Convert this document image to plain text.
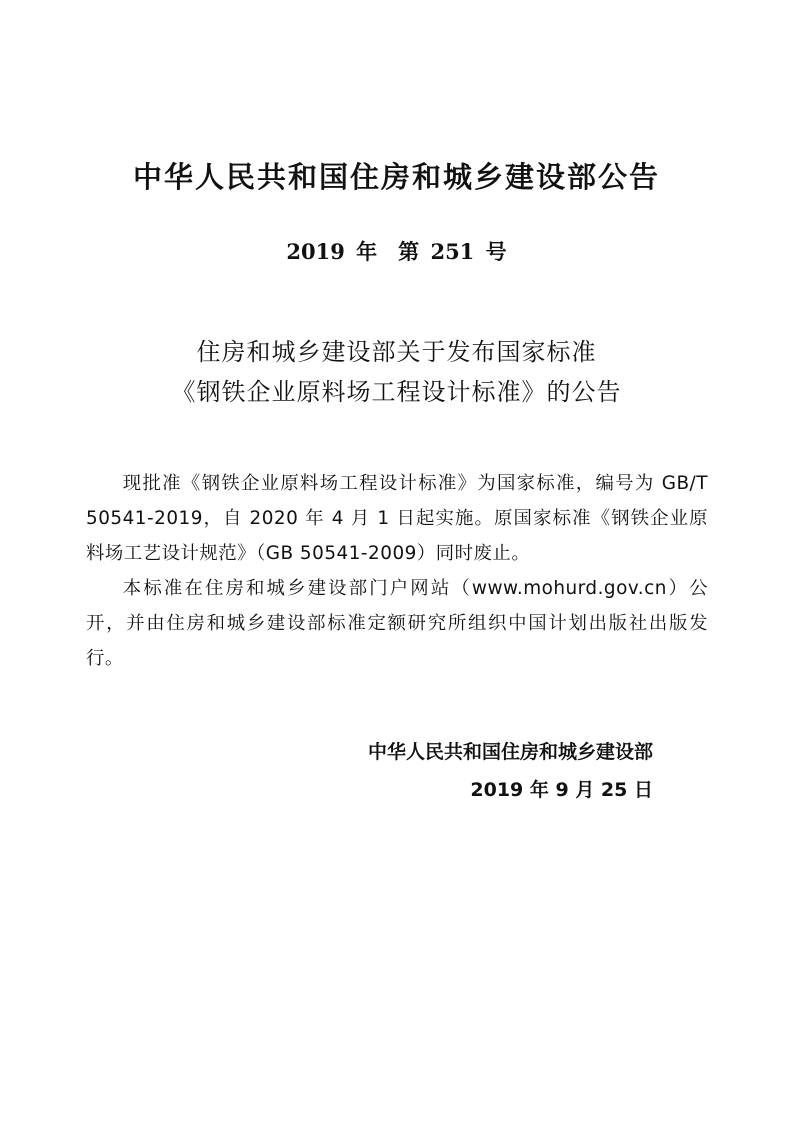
中华人民共和国住房和城乡建设部公告
2019 年　第 251 号
住房和城乡建设部关于发布国家标准
《钢铁企业原料场工程设计标准》的公告

现批准《钢铁企业原料场工程设计标准》为国家标准，编号为 GB/T 50541-2019，自 2020 年 4 月 1 日起实施。原国家标准《钢铁企业原料场工艺设计规范》（GB 50541-2009）同时废止。

本标准在住房和城乡建设部门户网站（www.mohurd.gov.cn）公开，并由住房和城乡建设部标准定额研究所组织中国计划出版社出版发行。

中华人民共和国住房和城乡建设部
2019 年 9 月 25 日
